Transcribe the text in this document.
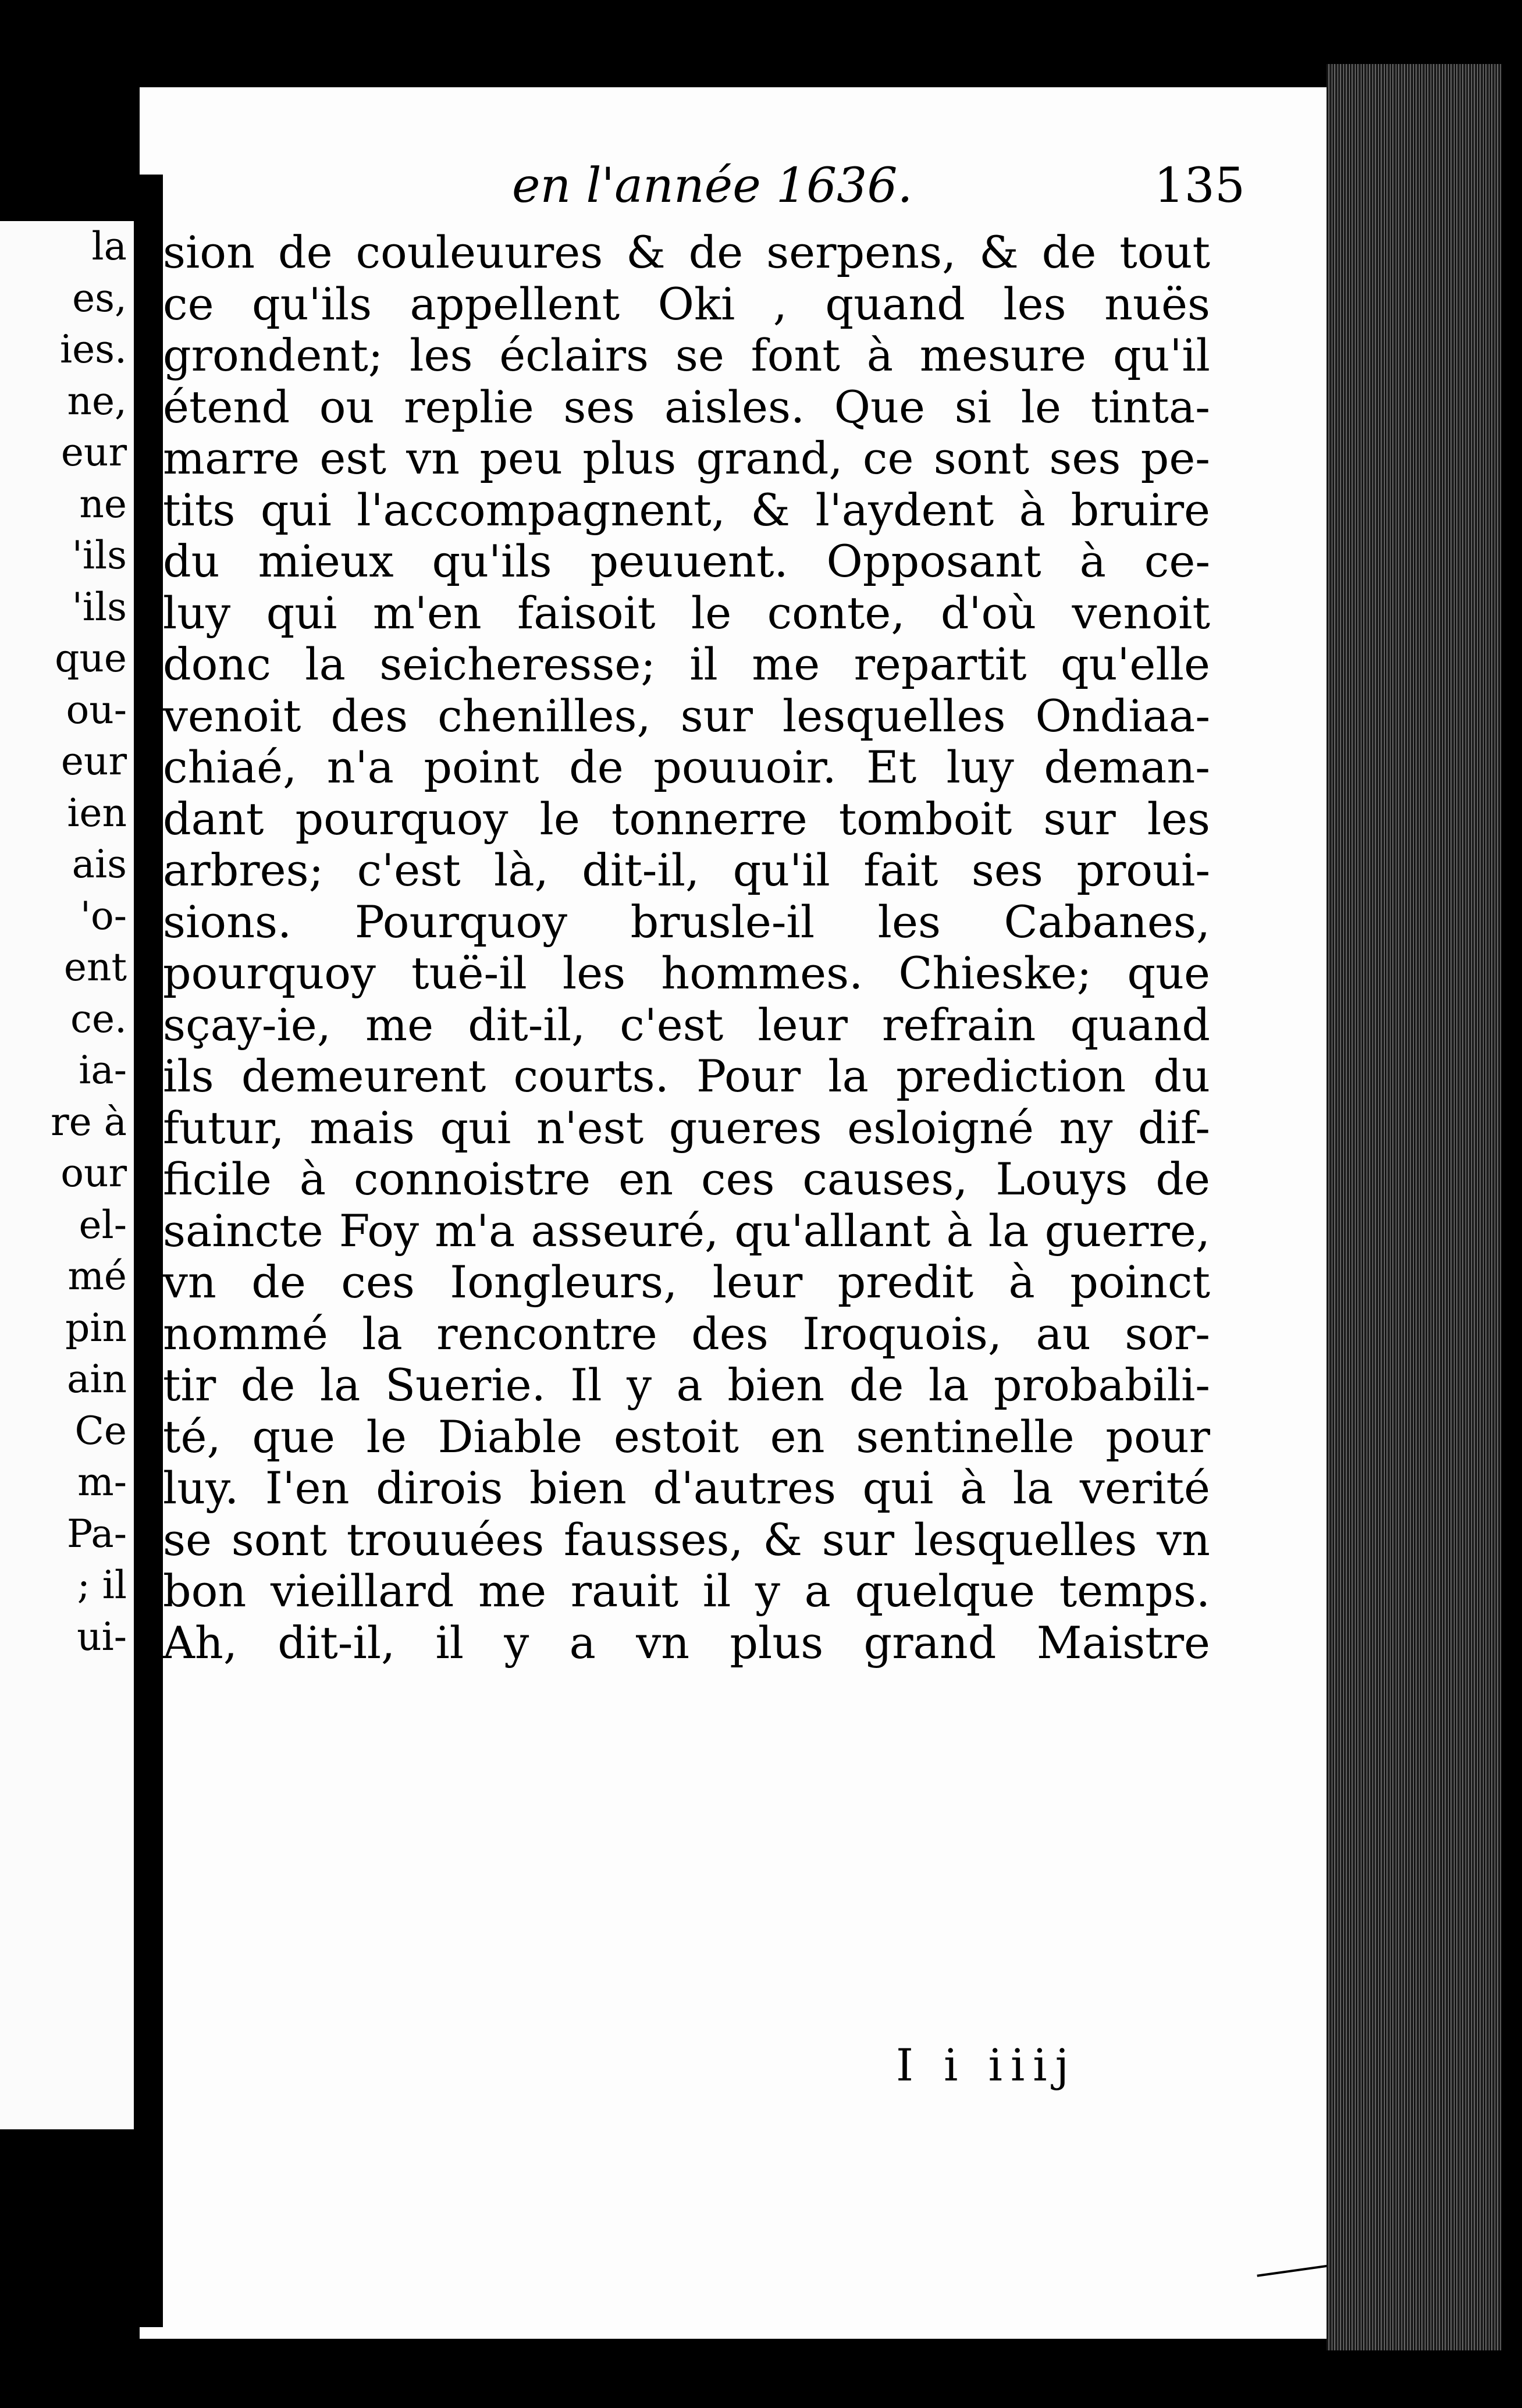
la
es,
ies.
ne,
eur
ne
'ils
'ils
que
ou-
eur
ien
ais
'o-
ent
ce.
ia-
re à
our
el-
mé
pin
ain
Ce
m-
Pa-
; il
ui-
en l'année 1636.	135
sion de couleuures & de serpens, & de tout
ce qu'ils appellent Oki , quand les nuës
grondent; les éclairs se font à mesure qu'il
étend ou replie ses aisles. Que si le tinta-
marre est vn peu plus grand, ce sont ses pe-
tits qui l'accompagnent, & l'aydent à bruire
du mieux qu'ils peuuent. Opposant à ce-
luy qui m'en faisoit le conte, d'où venoit
donc la seicheresse; il me repartit qu'elle
venoit des chenilles, sur lesquelles Ondiaa-
chiaé, n'a point de pouuoir. Et luy deman-
dant pourquoy le tonnerre tomboit sur les
arbres; c'est là, dit-il, qu'il fait ses proui-
sions. Pourquoy brusle-il les Cabanes,
pourquoy tuë-il les hommes. Chieske; que
sçay-ie, me dit-il, c'est leur refrain quand
ils demeurent courts. Pour la prediction du
futur, mais qui n'est gueres esloigné ny dif-
ficile à connoistre en ces causes, Louys de
saincte Foy m'a asseuré, qu'allant à la guerre,
vn de ces Iongleurs, leur predit à poinct
nommé la rencontre des Iroquois, au sor-
tir de la Suerie. Il y a bien de la probabili-
té, que le Diable estoit en sentinelle pour
luy. I'en dirois bien d'autres qui à la verité
se sont trouuées fausses, & sur lesquelles vn
bon vieillard me rauit il y a quelque temps.
Ah, dit-il, il y a vn plus grand Maistre
I i iiij
